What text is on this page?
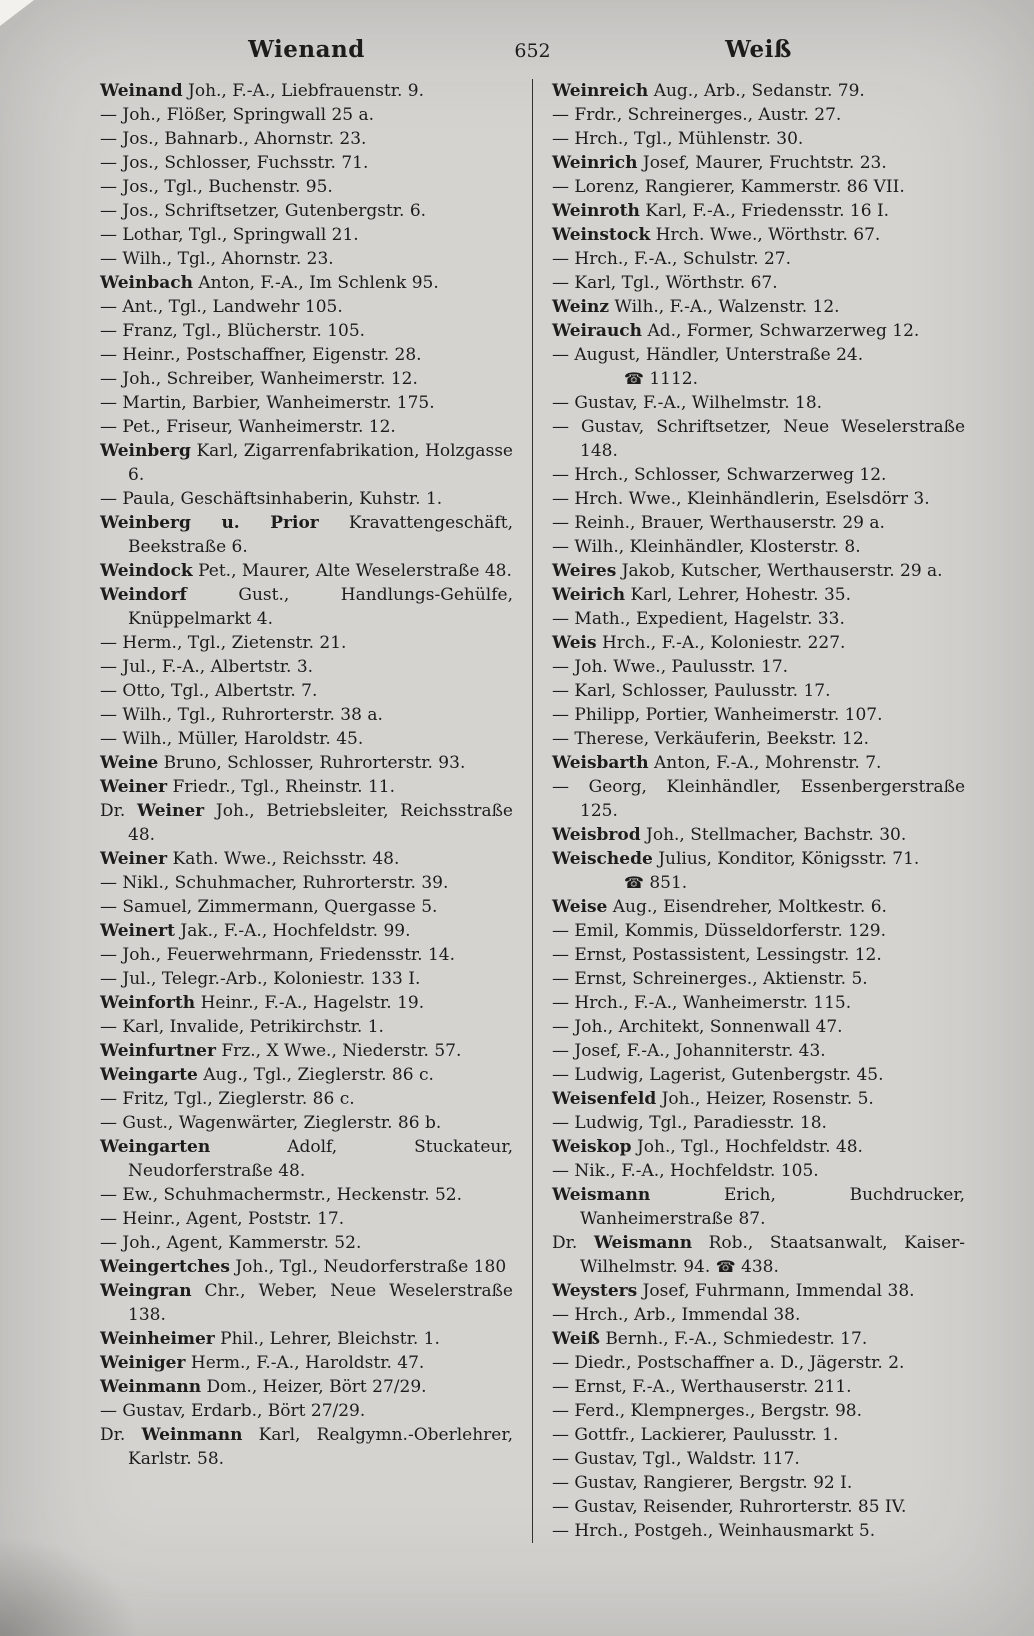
Wienand	652	Weiß
Weinand Joh., F.-A., Liebfrauenstr. 9.
— Joh., Flößer, Springwall 25 a.
— Jos., Bahnarb., Ahornstr. 23.
— Jos., Schlosser, Fuchsstr. 71.
— Jos., Tgl., Buchenstr. 95.
— Jos., Schriftsetzer, Gutenbergstr. 6.
— Lothar, Tgl., Springwall 21.
— Wilh., Tgl., Ahornstr. 23.
Weinbach Anton, F.-A., Im Schlenk 95.
— Ant., Tgl., Landwehr 105.
— Franz, Tgl., Blücherstr. 105.
— Heinr., Postschaffner, Eigenstr. 28.
— Joh., Schreiber, Wanheimerstr. 12.
— Martin, Barbier, Wanheimerstr. 175.
— Pet., Friseur, Wanheimerstr. 12.
Weinberg Karl, Zigarrenfabrikation, Holzgasse 6.
— Paula, Geschäftsinhaberin, Kuhstr. 1.
Weinberg u. Prior Kravattengeschäft, Beekstraße 6.
Weindock Pet., Maurer, Alte Weselerstraße 48.
Weindorf	Gust., Handlungs-Gehülfe, Knüppelmarkt 4.
— Herm., Tgl., Zietenstr. 21.
— Jul., F.-A., Albertstr. 3.
— Otto, Tgl., Albertstr. 7.
— Wilh., Tgl., Ruhrorterstr. 38 a.
— Wilh., Müller, Haroldstr. 45.
Weine Bruno, Schlosser, Ruhrorterstr. 93.
Weiner Friedr., Tgl., Rheinstr. 11.
Dr. Weiner Joh., Betriebsleiter, Reichsstraße 48.
Weiner Kath. Wwe., Reichsstr. 48.
— Nikl., Schuhmacher, Ruhrorterstr. 39.
— Samuel, Zimmermann, Quergasse 5.
Weinert Jak., F.-A., Hochfeldstr. 99.
— Joh., Feuerwehrmann, Friedensstr. 14.
— Jul., Telegr.-Arb., Koloniestr. 133 I.
Weinforth Heinr., F.-A., Hagelstr. 19.
— Karl, Invalide, Petrikirchstr. 1.
Weinfurtner Frz., X Wwe., Niederstr. 57.
Weingarte Aug., Tgl., Zieglerstr. 86 c.
— Fritz, Tgl., Zieglerstr. 86 c.
— Gust., Wagenwärter, Zieglerstr. 86 b.
Weingarten	Adolf, Stuckateur, Neudorferstraße 48.
— Ew., Schuhmachermstr., Heckenstr. 52.
— Heinr., Agent, Poststr. 17.
— Joh., Agent, Kammerstr. 52.
Weingertches Joh., Tgl., Neudorferstraße 180
Weingran Chr., Weber, Neue Weselerstraße 138.
Weinheimer Phil., Lehrer, Bleichstr. 1.
Weiniger Herm., F.-A., Haroldstr. 47.
Weinmann Dom., Heizer, Bört 27/29.
— Gustav, Erdarb., Bört 27/29.
Dr. Weinmann Karl, Realgymn.-Oberlehrer, Karlstr. 58.
Weinreich Aug., Arb., Sedanstr. 79.
— Frdr., Schreinerges., Austr. 27.
— Hrch., Tgl., Mühlenstr. 30.
Weinrich Josef, Maurer, Fruchtstr. 23.
— Lorenz, Rangierer, Kammerstr. 86 VII.
Weinroth Karl, F.-A., Friedensstr. 16 I.
Weinstock Hrch. Wwe., Wörthstr. 67.
— Hrch., F.-A., Schulstr. 27.
— Karl, Tgl., Wörthstr. 67.
Weinz Wilh., F.-A., Walzenstr. 12.
Weirauch Ad., Former, Schwarzerweg 12.
— August, Händler, Unterstraße 24.
☎ 1112.
— Gustav, F.-A., Wilhelmstr. 18.
— Gustav, Schriftsetzer, Neue Weselerstraße 148.
— Hrch., Schlosser, Schwarzerweg 12.
— Hrch. Wwe., Kleinhändlerin, Eselsdörr 3.
— Reinh., Brauer, Werthauserstr. 29 a.
— Wilh., Kleinhändler, Klosterstr. 8.
Weires Jakob, Kutscher, Werthauserstr. 29 a.
Weirich Karl, Lehrer, Hohestr. 35.
— Math., Expedient, Hagelstr. 33.
Weis Hrch., F.-A., Koloniestr. 227.
— Joh. Wwe., Paulusstr. 17.
— Karl, Schlosser, Paulusstr. 17.
— Philipp, Portier, Wanheimerstr. 107.
— Therese, Verkäuferin, Beekstr. 12.
Weisbarth Anton, F.-A., Mohrenstr. 7.
— Georg, Kleinhändler, Essenbergerstraße 125.
Weisbrod Joh., Stellmacher, Bachstr. 30.
Weischede Julius, Konditor, Königsstr. 71.
☎ 851.
Weise Aug., Eisendreher, Moltkestr. 6.
— Emil, Kommis, Düsseldorferstr. 129.
— Ernst, Postassistent, Lessingstr. 12.
— Ernst, Schreinerges., Aktienstr. 5.
— Hrch., F.-A., Wanheimerstr. 115.
— Joh., Architekt, Sonnenwall 47.
— Josef, F.-A., Johanniterstr. 43.
— Ludwig, Lagerist, Gutenbergstr. 45.
Weisenfeld Joh., Heizer, Rosenstr. 5.
— Ludwig, Tgl., Paradiesstr. 18.
Weiskop Joh., Tgl., Hochfeldstr. 48.
— Nik., F.-A., Hochfeldstr. 105.
Weismann	Erich, Buchdrucker, Wanheimerstraße 87.
Dr. Weismann Rob., Staatsanwalt, Kaiser-Wilhelmstr. 94. ☎ 438.
Weysters Josef, Fuhrmann, Immendal 38.
— Hrch., Arb., Immendal 38.
Weiß Bernh., F.-A., Schmiedestr. 17.
— Diedr., Postschaffner a. D., Jägerstr. 2.
— Ernst, F.-A., Werthauserstr. 211.
— Ferd., Klempnerges., Bergstr. 98.
— Gottfr., Lackierer, Paulusstr. 1.
— Gustav, Tgl., Waldstr. 117.
— Gustav, Rangierer, Bergstr. 92 I.
— Gustav, Reisender, Ruhrorterstr. 85 IV.
— Hrch., Postgeh., Weinhausmarkt 5.
